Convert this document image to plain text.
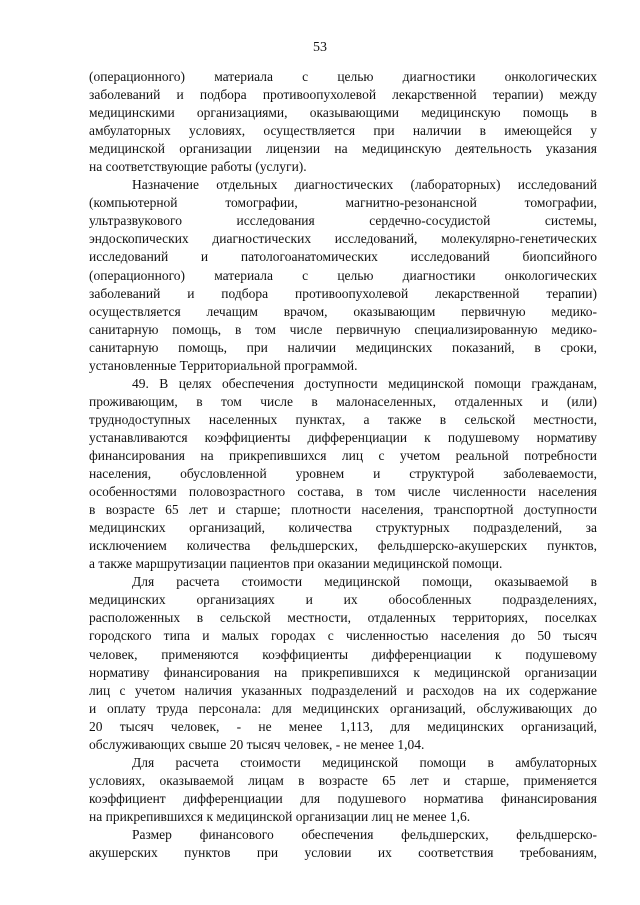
53
(операционного) материала с целью диагностики онкологических
заболеваний и подбора противоопухолевой лекарственной терапии) между
медицинскими организациями, оказывающими медицинскую помощь в
амбулаторных условиях, осуществляется при наличии в имеющейся у
медицинской организации лицензии на медицинскую деятельность указания
на соответствующие работы (услуги).
Назначение отдельных диагностических (лабораторных) исследований
(компьютерной томографии, магнитно-резонансной томографии,
ультразвукового исследования сердечно-сосудистой системы,
эндоскопических диагностических исследований, молекулярно-генетических
исследований и патологоанатомических исследований биопсийного
(операционного) материала с целью диагностики онкологических
заболеваний и подбора противоопухолевой лекарственной терапии)
осуществляется лечащим врачом, оказывающим первичную медико-
санитарную помощь, в том числе первичную специализированную медико-
санитарную помощь, при наличии медицинских показаний, в сроки,
установленные Территориальной программой.
49. В целях обеспечения доступности медицинской помощи гражданам,
проживающим, в том числе в малонаселенных, отдаленных и (или)
труднодоступных населенных пунктах, а также в сельской местности,
устанавливаются коэффициенты дифференциации к подушевому нормативу
финансирования на прикрепившихся лиц с учетом реальной потребности
населения, обусловленной уровнем и структурой заболеваемости,
особенностями половозрастного состава, в том числе численности населения
в возрасте 65 лет и старше; плотности населения, транспортной доступности
медицинских организаций, количества структурных подразделений, за
исключением количества фельдшерских, фельдшерско-акушерских пунктов,
а также маршрутизации пациентов при оказании медицинской помощи.
Для расчета стоимости медицинской помощи, оказываемой в
медицинских организациях и их обособленных подразделениях,
расположенных в сельской местности, отдаленных территориях, поселках
городского типа и малых городах с численностью населения до 50 тысяч
человек, применяются коэффициенты дифференциации к подушевому
нормативу финансирования на прикрепившихся к медицинской организации
лиц с учетом наличия указанных подразделений и расходов на их содержание
и оплату труда персонала: для медицинских организаций, обслуживающих до
20 тысяч человек, - не менее 1,113, для медицинских организаций,
обслуживающих свыше 20 тысяч человек, - не менее 1,04.
Для расчета стоимости медицинской помощи в амбулаторных
условиях, оказываемой лицам в возрасте 65 лет и старше, применяется
коэффициент дифференциации для подушевого норматива финансирования
на прикрепившихся к медицинской организации лиц не менее 1,6.
Размер финансового обеспечения фельдшерских, фельдшерско-
акушерских пунктов при условии их соответствия требованиям,
